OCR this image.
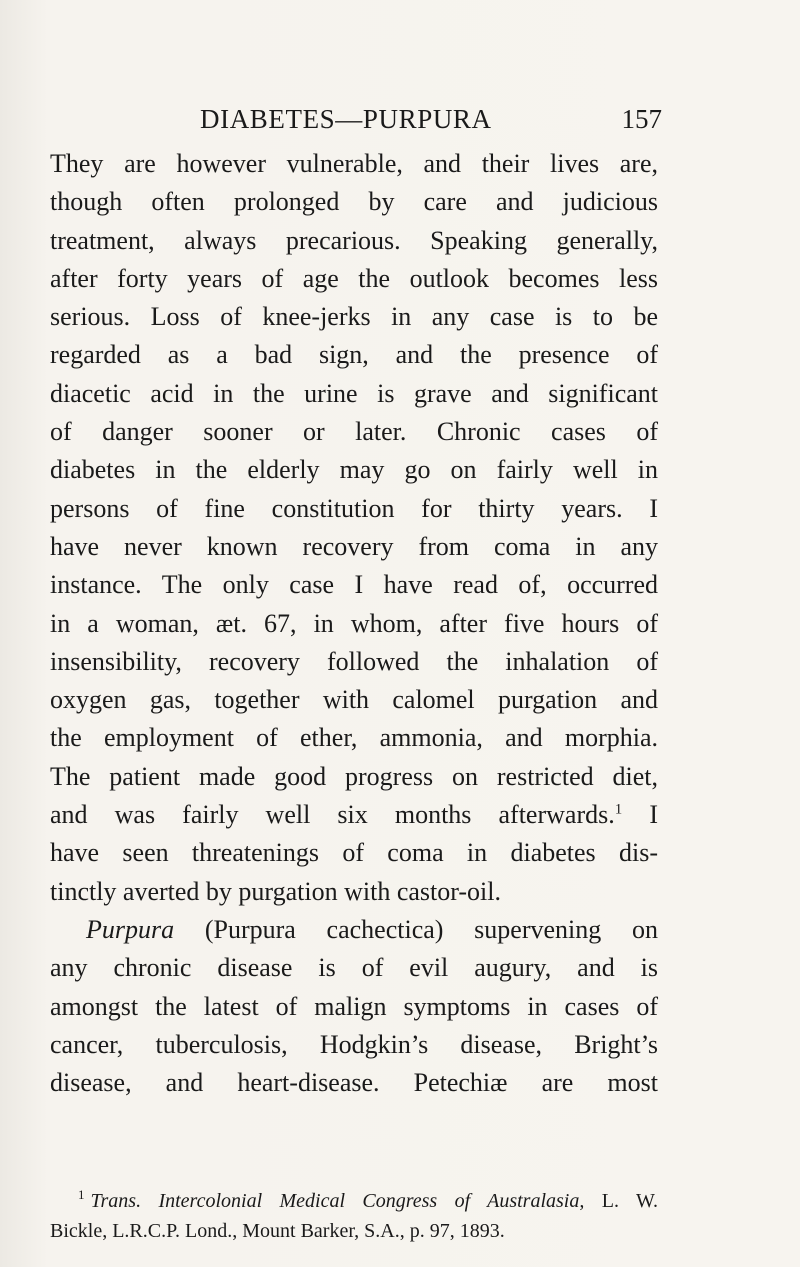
DIABETES—PURPURA	157
They are however vulnerable, and their lives are,
though often prolonged by care and judicious
treatment, always precarious. Speaking generally,
after forty years of age the outlook becomes less
serious. Loss of knee-jerks in any case is to be
regarded as a bad sign, and the presence of
diacetic acid in the urine is grave and significant
of danger sooner or later. Chronic cases of
diabetes in the elderly may go on fairly well in
persons of fine constitution for thirty years. I
have never known recovery from coma in any
instance. The only case I have read of, occurred
in a woman, æt. 67, in whom, after five hours of
insensibility, recovery followed the inhalation of
oxygen gas, together with calomel purgation and
the employment of ether, ammonia, and morphia.
The patient made good progress on restricted diet,
and was fairly well six months afterwards.$^1$ I
have seen threatenings of coma in diabetes dis-
tinctly averted by purgation with castor-oil.
Purpura (Purpura cachectica) supervening on
any chronic disease is of evil augury, and is
amongst the latest of malign symptoms in cases of
cancer, tuberculosis, Hodgkin’s disease, Bright’s
disease, and heart-disease. Petechiæ are most
$^1$ Trans. Intercolonial Medical Congress of Australasia, L. W.
Bickle, L.R.C.P. Lond., Mount Barker, S.A., p. 97, 1893.
